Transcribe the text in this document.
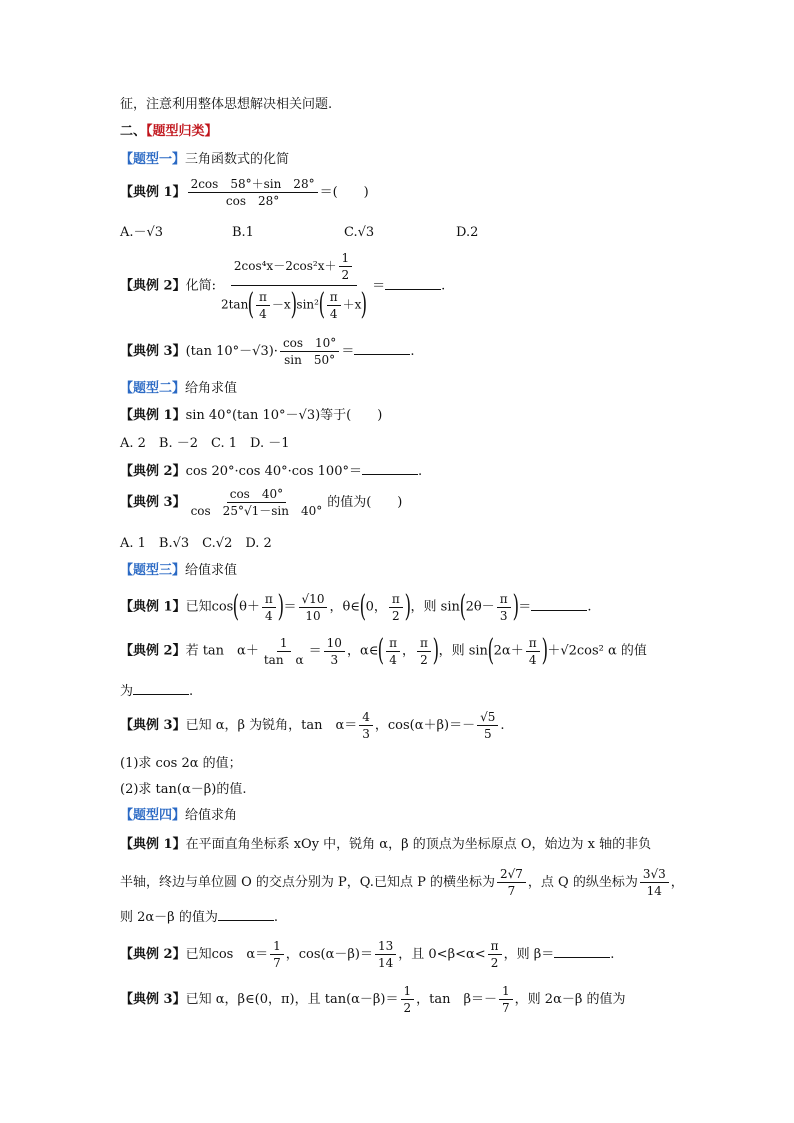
征，注意利用整体思想解决相关问题.
二、【题型归类】
【题型一】三角函数式的化简
【典例 1】 $\frac{2\cos 58^\circ+\sin 28^\circ}{\cos 28^\circ}$ ＝(　　)
A.－√3	B.1	C.√3	D.2
【典例 2】化简: $\frac{2\cos^4x-2\cos^2x+ \frac{1}{2}}{2\tan( \frac{\pi}{4} -x)\sin^2( \frac{\pi}{4} +x)}$ ＝	.
【典例 3】(tan $10^\circ-√3)\cdot \frac{\cos 10^\circ}{\sin 50^\circ}$ ＝	.
【题型二】给角求值
【典例 1】sin 40°(tan 10°－√3)等于(　　)
A. 2　B. －2　C. 1　D. －1
【典例 2】cos 20°·cos 40°·cos 100°＝	.
【典例 3】 $\frac{\cos 40^\circ}{\cos 25^\circ√1-\sin 40^\circ}$ 的值为(　　)
A. 1　B.√3　C.√2　D. 2
【题型三】给值求值
【典例 1】已知$\cos(\theta+ \frac{\pi}{4}$ )＝ $\frac{√10}{10}$ ，θ∈(0， $\frac{\pi}{2}$ )，则 $\sin(2\theta- \frac{\pi}{3}$ )＝	.
【典例 2】若 tan　$\alpha+ \frac{1}{\text{tan　α}} = \frac{10}{3}$ ，α∈( $\frac{\pi}{4}$ ， $\frac{\pi}{2}$ )，则 $\sin(2\alpha+ \frac{\pi}{4} )+√2\cos^2$ α 的值
为	.
【典例 3】已知 α，β 为锐角，tan　$\alpha= \frac{4}{3}$ ，$\cos(\alpha+\beta)=- \frac{√5}{5}$ .
(1)求 cos 2α 的值；
(2)求 tan(α－β)的值.
【题型四】给值求角
【典例 1】在平面直角坐标系 xOy 中，锐角 α，β 的顶点为坐标原点 O，始边为 x 轴的非负
半轴，终边与单位圆 O 的交点分别为 P，Q.已知点 P 的横坐标为 $\frac{2√7}{7}$ ，点 Q 的纵坐标为 $\frac{3√3}{14}$ ，
则 2α－β 的值为	.
【典例 2】已知cos　$\alpha= \frac{1}{7}$ ，$\cos(\alpha-\beta)= \frac{13}{14}$ ，且 $0<\beta<\alpha< \frac{\pi}{2}$ ，则 β＝	.
【典例 3】已知 α，β∈(0，π)，且 $\tan(\alpha-\beta)= \frac{1}{2}$ ，tan　$\beta=- \frac{1}{7}$ ，则 2α－β 的值为
